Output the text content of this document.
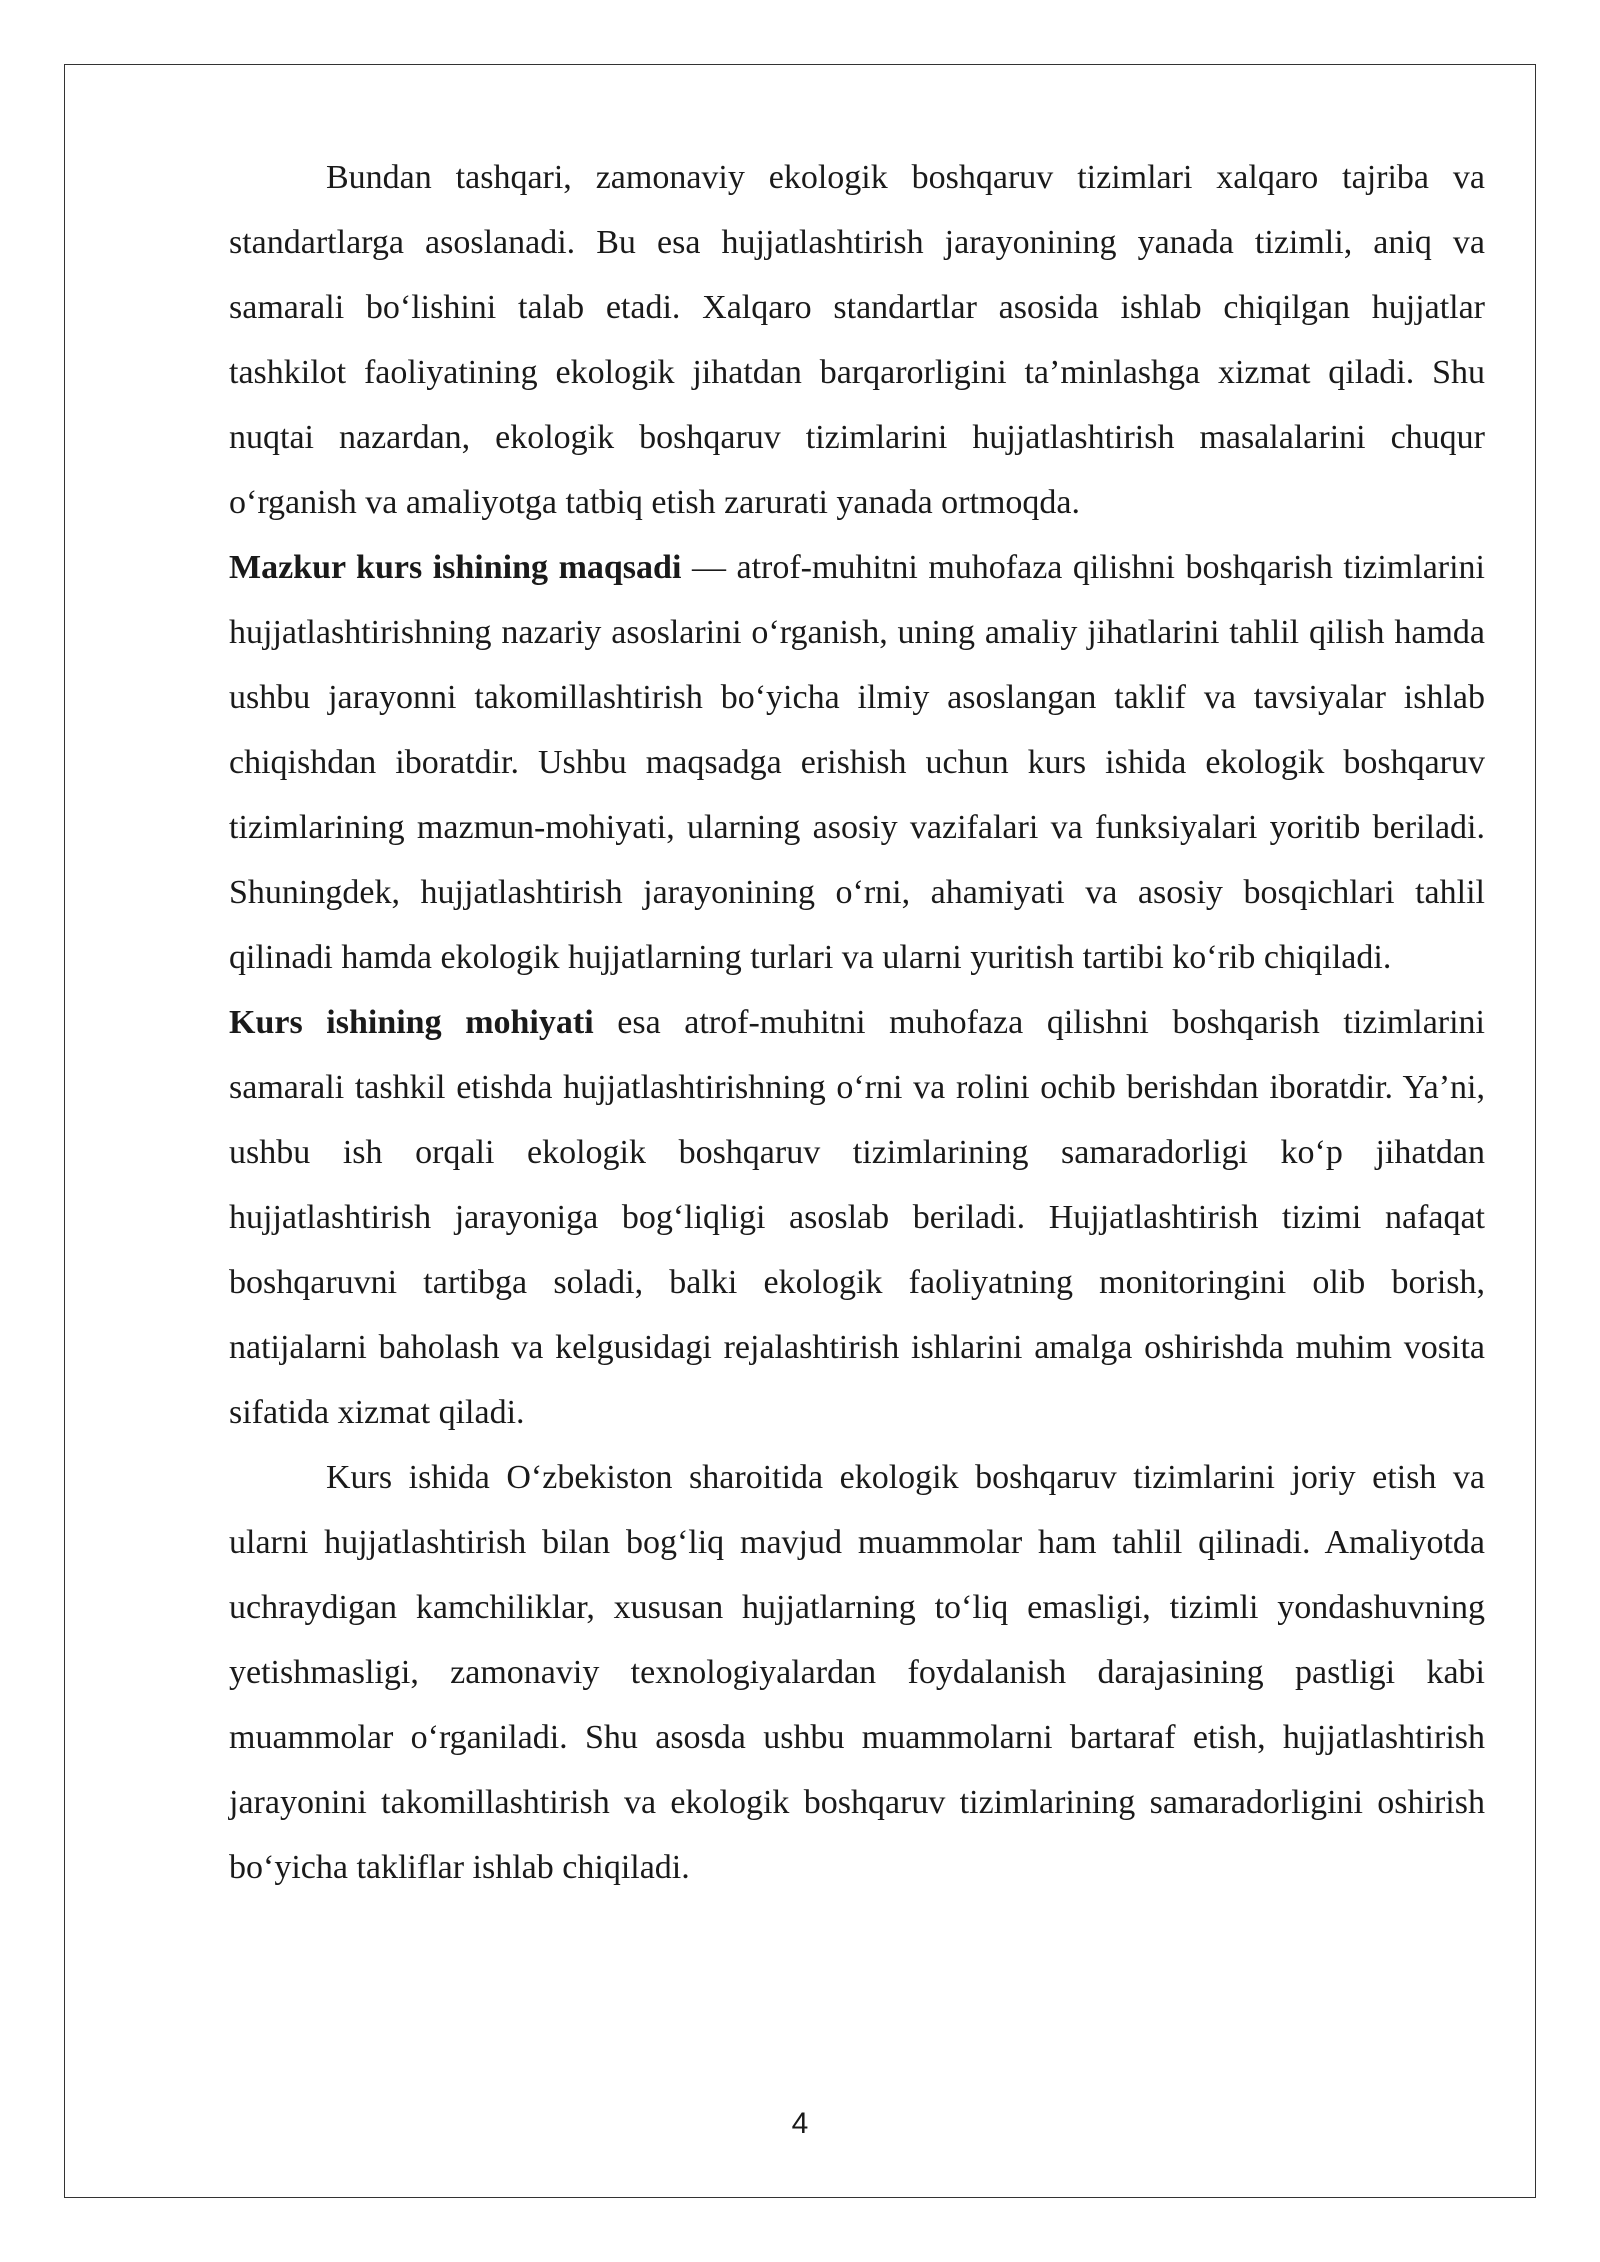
Bundan tashqari, zamonaviy ekologik boshqaruv tizimlari xalqaro tajriba va standartlarga asoslanadi. Bu esa hujjatlashtirish jarayonining yanada tizimli, aniq va samarali bo‘lishini talab etadi. Xalqaro standartlar asosida ishlab chiqilgan hujjatlar tashkilot faoliyatining ekologik jihatdan barqarorligini ta’minlashga xizmat qiladi. Shu nuqtai nazardan, ekologik boshqaruv tizimlarini hujjatlashtirish masalalarini chuqur o‘rganish va amaliyotga tatbiq etish zarurati yanada ortmoqda.

Mazkur kurs ishining maqsadi — atrof-muhitni muhofaza qilishni boshqarish tizimlarini hujjatlashtirishning nazariy asoslarini o‘rganish, uning amaliy jihatlarini tahlil qilish hamda ushbu jarayonni takomillashtirish bo‘yicha ilmiy asoslangan taklif va tavsiyalar ishlab chiqishdan iboratdir. Ushbu maqsadga erishish uchun kurs ishida ekologik boshqaruv tizimlarining mazmun-mohiyati, ularning asosiy vazifalari va funksiyalari yoritib beriladi. Shuningdek, hujjatlashtirish jarayonining o‘rni, ahamiyati va asosiy bosqichlari tahlil qilinadi hamda ekologik hujjatlarning turlari va ularni yuritish tartibi ko‘rib chiqiladi.

Kurs ishining mohiyati esa atrof-muhitni muhofaza qilishni boshqarish tizimlarini samarali tashkil etishda hujjatlashtirishning o‘rni va rolini ochib berishdan iboratdir. Ya’ni, ushbu ish orqali ekologik boshqaruv tizimlarining samaradorligi ko‘p jihatdan hujjatlashtirish jarayoniga bog‘liqligi asoslab beriladi. Hujjatlashtirish tizimi nafaqat boshqaruvni tartibga soladi, balki ekologik faoliyatning monitoringini olib borish, natijalarni baholash va kelgusidagi rejalashtirish ishlarini amalga oshirishda muhim vosita sifatida xizmat qiladi.

Kurs ishida O‘zbekiston sharoitida ekologik boshqaruv tizimlarini joriy etish va ularni hujjatlashtirish bilan bog‘liq mavjud muammolar ham tahlil qilinadi. Amaliyotda uchraydigan kamchiliklar, xususan hujjatlarning to‘liq emasligi, tizimli yondashuvning yetishmasligi, zamonaviy texnologiyalardan foydalanish darajasining pastligi kabi muammolar o‘rganiladi. Shu asosda ushbu muammolarni bartaraf etish, hujjatlashtirish jarayonini takomillashtirish va ekologik boshqaruv tizimlarining samaradorligini oshirish bo‘yicha takliflar ishlab chiqiladi.

4
